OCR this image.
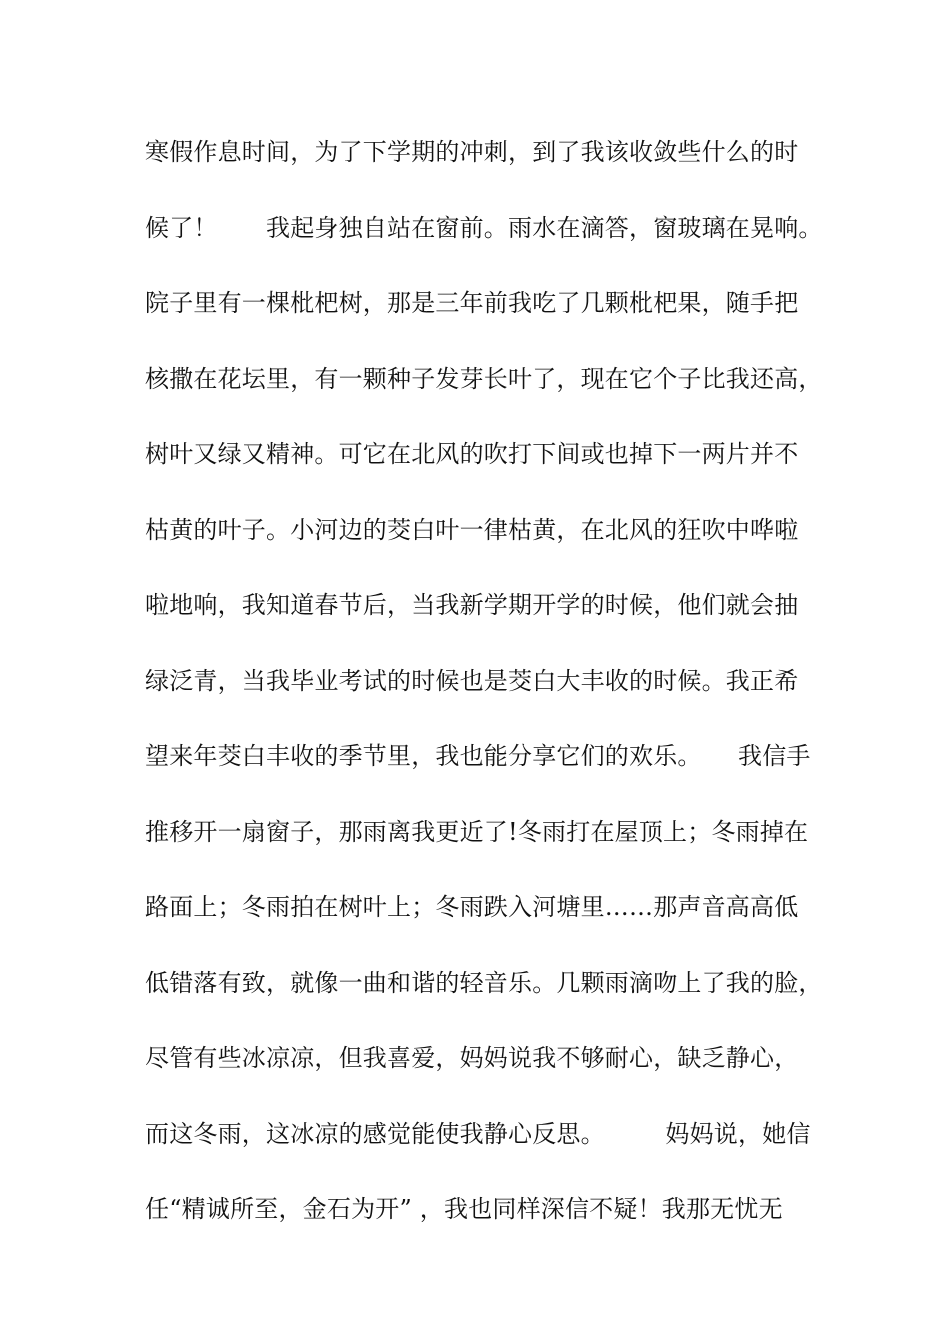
寒假作息时间，为了下学期的冲刺，到了我该收敛些什么的时
候了！　　我起身独自站在窗前。雨水在滴答，窗玻璃在晃响。
院子里有一棵枇杷树，那是三年前我吃了几颗枇杷果，随手把
核撒在花坛里，有一颗种子发芽长叶了，现在它个子比我还高，
树叶又绿又精神。可它在北风的吹打下间或也掉下一两片并不
枯黄的叶子。小河边的茭白叶一律枯黄，在北风的狂吹中哗啦
啦地响，我知道春节后，当我新学期开学的时候，他们就会抽
绿泛青，当我毕业考试的时候也是茭白大丰收的时候。我正希
望来年茭白丰收的季节里，我也能分享它们的欢乐。　　我信手
推移开一扇窗子，那雨离我更近了!冬雨打在屋顶上；冬雨掉在
路面上；冬雨拍在树叶上；冬雨跌入河塘里……那声音高高低
低错落有致，就像一曲和谐的轻音乐。几颗雨滴吻上了我的脸，
尽管有些冰凉凉，但我喜爱，妈妈说我不够耐心，缺乏静心，
而这冬雨，这冰凉的感觉能使我静心反思。　　　妈妈说，她信
任“精诚所至，金石为开” ，我也同样深信不疑！我那无忧无
